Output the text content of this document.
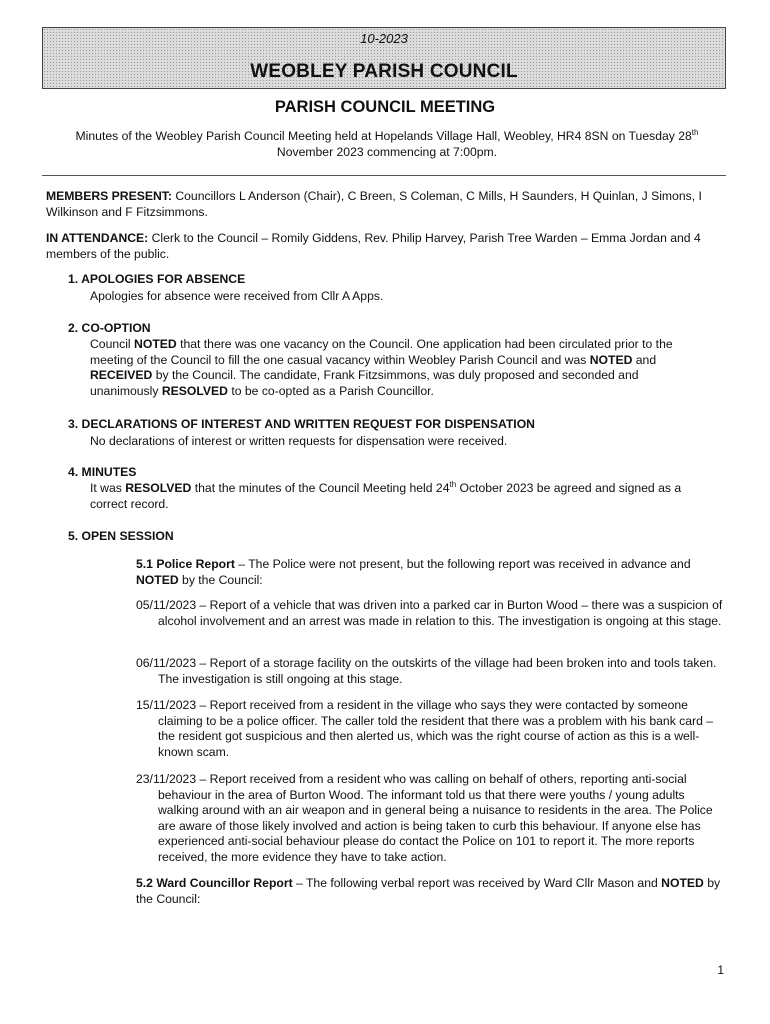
10-2023
WEOBLEY PARISH COUNCIL
PARISH COUNCIL MEETING
Minutes of the Weobley Parish Council Meeting held at Hopelands Village Hall, Weobley, HR4 8SN on Tuesday 28th
November 2023 commencing at 7:00pm.
MEMBERS PRESENT: Councillors L Anderson (Chair), C Breen, S Coleman, C Mills, H Saunders, H Quinlan, J Simons, I Wilkinson and F Fitzsimmons.
IN ATTENDANCE: Clerk to the Council – Romily Giddens, Rev. Philip Harvey, Parish Tree Warden – Emma Jordan and 4 members of the public.
1. APOLOGIES FOR ABSENCE
Apologies for absence were received from Cllr A Apps.
2. CO-OPTION
Council NOTED that there was one vacancy on the Council. One application had been circulated prior to the meeting of the Council to fill the one casual vacancy within Weobley Parish Council and was NOTED and RECEIVED by the Council. The candidate, Frank Fitzsimmons, was duly proposed and seconded and unanimously RESOLVED to be co-opted as a Parish Councillor.
3. DECLARATIONS OF INTEREST AND WRITTEN REQUEST FOR DISPENSATION
No declarations of interest or written requests for dispensation were received.
4. MINUTES
It was RESOLVED that the minutes of the Council Meeting held 24th October 2023 be agreed and signed as a correct record.
5. OPEN SESSION
5.1 Police Report – The Police were not present, but the following report was received in advance and NOTED by the Council:
05/11/2023 – Report of a vehicle that was driven into a parked car in Burton Wood – there was a suspicion of alcohol involvement and an arrest was made in relation to this. The investigation is ongoing at this stage.
06/11/2023 – Report of a storage facility on the outskirts of the village had been broken into and tools taken. The investigation is still ongoing at this stage.
15/11/2023 – Report received from a resident in the village who says they were contacted by someone claiming to be a police officer. The caller told the resident that there was a problem with his bank card – the resident got suspicious and then alerted us, which was the right course of action as this is a well-known scam.
23/11/2023 – Report received from a resident who was calling on behalf of others, reporting anti-social behaviour in the area of Burton Wood. The informant told us that there were youths / young adults walking around with an air weapon and in general being a nuisance to residents in the area. The Police are aware of those likely involved and action is being taken to curb this behaviour. If anyone else has experienced anti-social behaviour please do contact the Police on 101 to report it. The more reports received, the more evidence they have to take action.
5.2 Ward Councillor Report – The following verbal report was received by Ward Cllr Mason and NOTED by the Council:
1
